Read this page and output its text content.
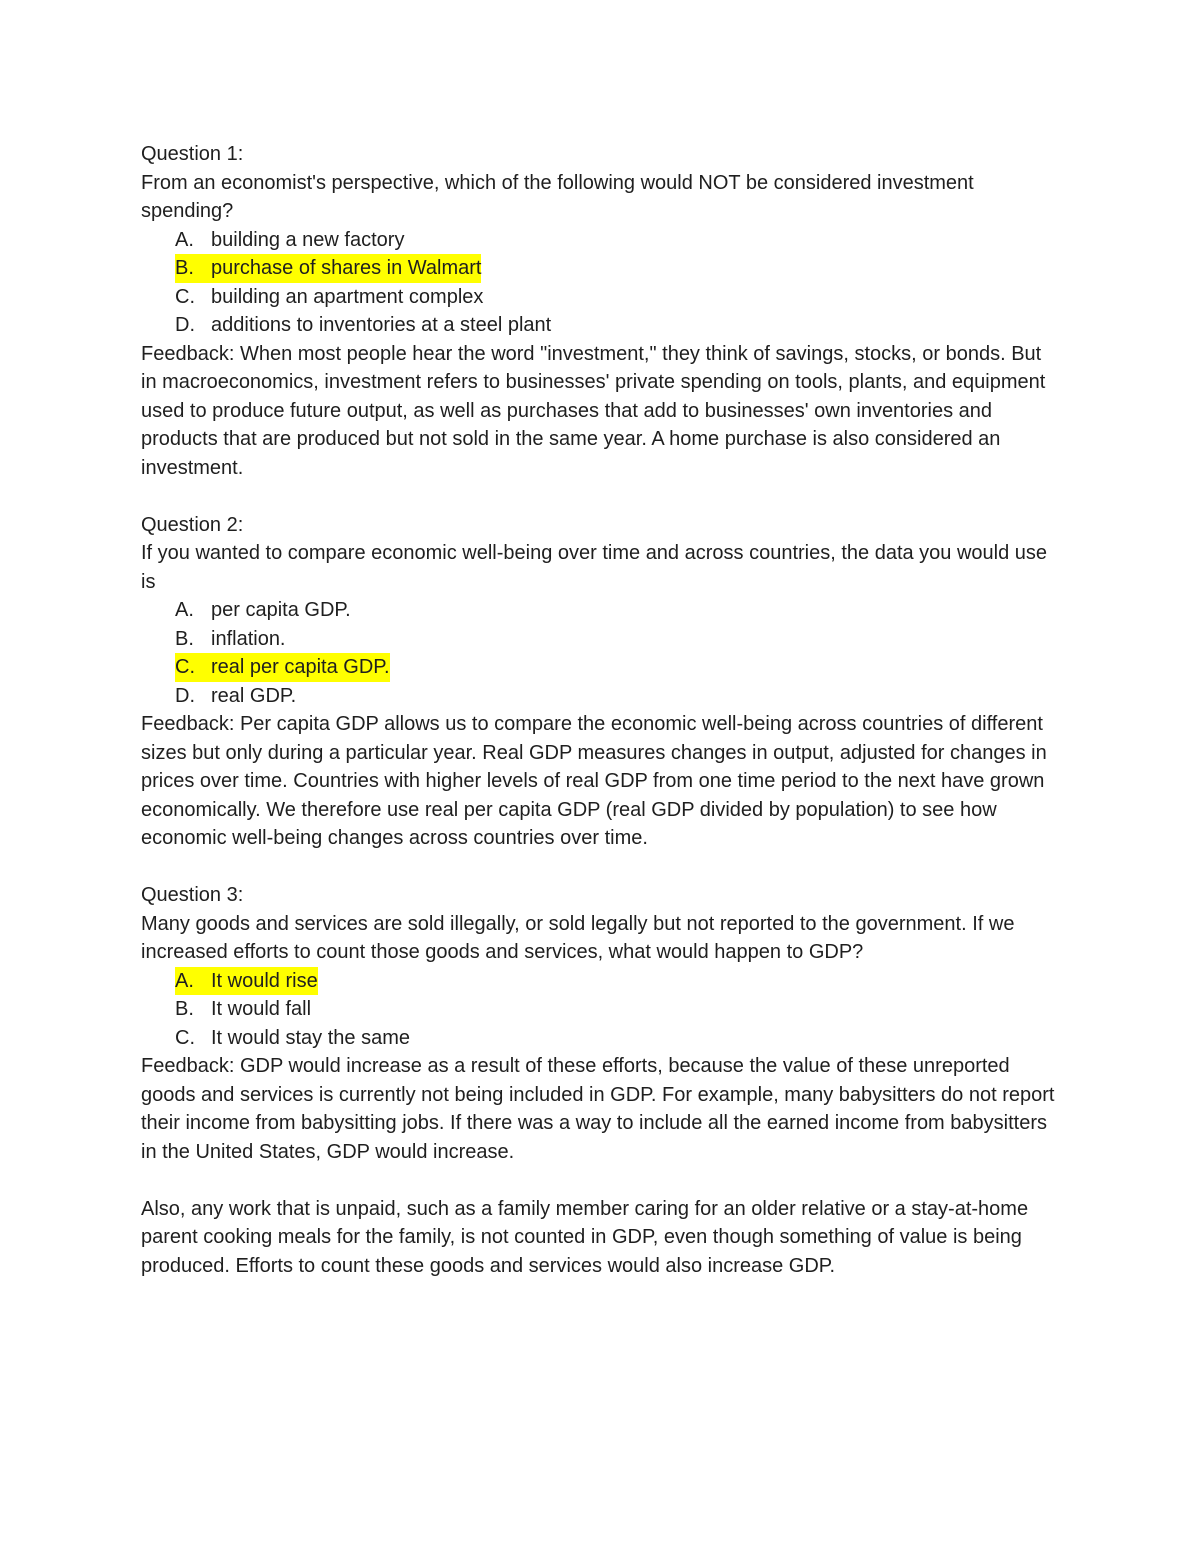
Question 1:

From an economist's perspective, which of the following would NOT be considered investment spending?

A. building a new factory
B. purchase of shares in Walmart
C. building an apartment complex
D. additions to inventories at a steel plant

Feedback: When most people hear the word "investment," they think of savings, stocks, or bonds. But in macroeconomics, investment refers to businesses' private spending on tools, plants, and equipment used to produce future output, as well as purchases that add to businesses' own inventories and products that are produced but not sold in the same year. A home purchase is also considered an investment.

Question 2:

If you wanted to compare economic well-being over time and across countries, the data you would use is

A. per capita GDP.
B. inflation.
C. real per capita GDP.
D. real GDP.

Feedback: Per capita GDP allows us to compare the economic well-being across countries of different sizes but only during a particular year. Real GDP measures changes in output, adjusted for changes in prices over time. Countries with higher levels of real GDP from one time period to the next have grown economically. We therefore use real per capita GDP (real GDP divided by population) to see how economic well-being changes across countries over time.

Question 3:

Many goods and services are sold illegally, or sold legally but not reported to the government. If we increased efforts to count those goods and services, what would happen to GDP?

A. It would rise
B. It would fall
C. It would stay the same

Feedback: GDP would increase as a result of these efforts, because the value of these unreported goods and services is currently not being included in GDP. For example, many babysitters do not report their income from babysitting jobs. If there was a way to include all the earned income from babysitters in the United States, GDP would increase.

Also, any work that is unpaid, such as a family member caring for an older relative or a stay-at-home parent cooking meals for the family, is not counted in GDP, even though something of value is being produced. Efforts to count these goods and services would also increase GDP.
